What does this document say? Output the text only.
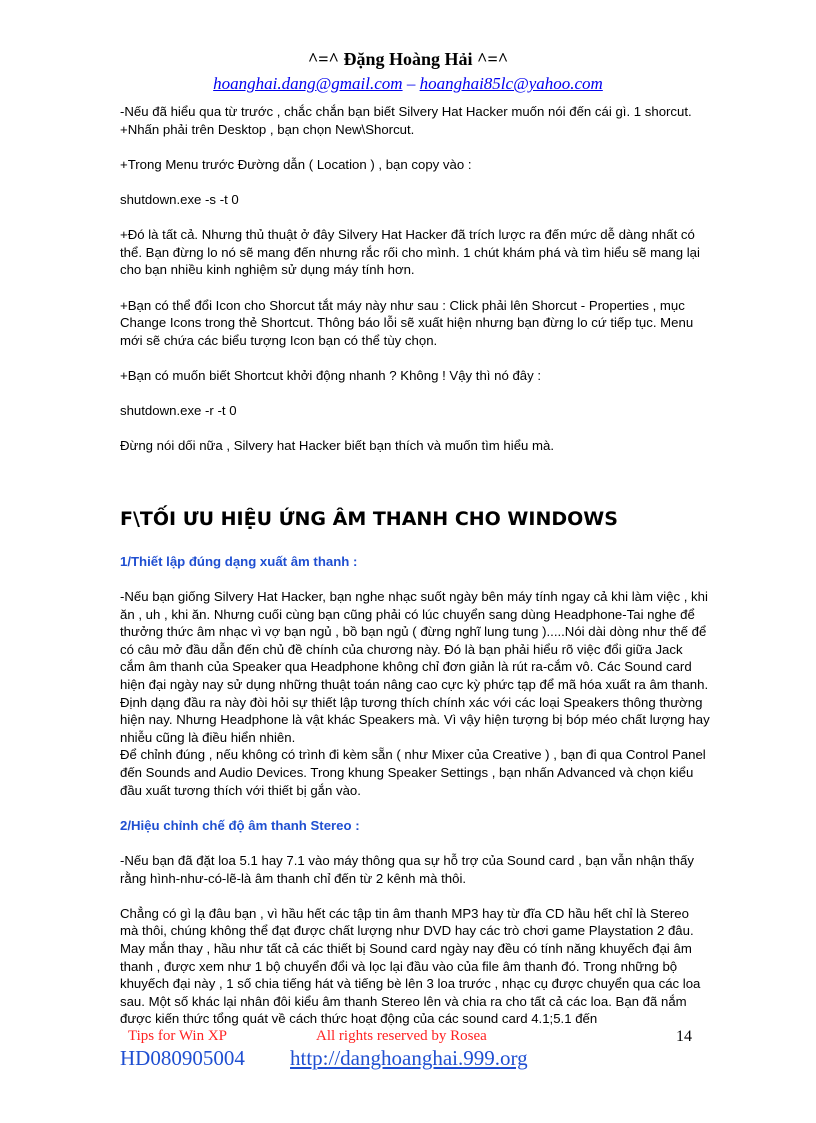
^=^ Đặng Hoàng Hải ^=^
hoanghai.dang@gmail.com – hoanghai85lc@yahoo.com

-Nếu đã hiểu qua từ trước , chắc chắn bạn biết Silvery Hat Hacker muốn nói đến cái gì. 1 shorcut.
+Nhấn phải trên Desktop , bạn chọn New\Shorcut.

+Trong Menu trước Đường dẫn ( Location ) , bạn copy vào :

shutdown.exe -s -t 0

+Đó là tất cả. Nhưng thủ thuật ở đây Silvery Hat Hacker đã trích lược ra đến mức dễ dàng nhất có thể. Bạn đừng lo nó sẽ mang đến nhưng rắc rối cho mình. 1 chút khám phá và tìm hiểu sẽ mang lại cho bạn nhiều kinh nghiệm sử dụng máy tính hơn.

+Bạn có thể đổi Icon cho Shorcut tắt máy này như sau : Click phải lên Shorcut - Properties , mục Change Icons trong thẻ Shortcut. Thông báo lỗi sẽ xuất hiện nhưng bạn đừng lo cứ tiếp tục. Menu mới sẽ chứa các biểu tượng Icon bạn có thể tùy chọn.

+Bạn có muốn biết Shortcut khởi động nhanh ? Không ! Vậy thì nó đây :

shutdown.exe -r -t 0

Đừng nói dối nữa , Silvery hat Hacker biết bạn thích và muốn tìm hiểu mà.

F\TỐI ƯU HIỆU ỨNG ÂM THANH CHO WINDOWS
1/Thiết lập đúng dạng xuất âm thanh :

-Nếu bạn giống Silvery Hat Hacker, bạn nghe nhạc suốt ngày bên máy tính ngay cả khi làm việc , khi ăn , uh , khi ăn. Nhưng cuối cùng bạn cũng phải có lúc chuyển sang dùng Headphone-Tai nghe để thưởng thức âm nhạc vì vợ bạn ngủ , bồ bạn ngủ ( đừng nghĩ lung tung ).....Nói dài dòng như thế để có câu mở đầu dẫn đến chủ đề chính của chương này. Đó là bạn phải hiểu rõ việc đổi giữa Jack cắm âm thanh của Speaker qua Headphone không chỉ đơn giản là rút ra-cắm vô. Các Sound card hiện đại ngày nay sử dụng những thuật toán nâng cao cực kỳ phức tạp để mã hóa xuất ra âm thanh. Định dạng đầu ra này đòi hỏi sự thiết lập tương thích chính xác với các loại Speakers thông thường hiện nay. Nhưng Headphone là vật khác Speakers mà. Vì vậy hiện tượng bị bóp méo chất lượng hay nhiễu cũng là điều hiển nhiên.
Để chỉnh đúng , nếu không có trình đi kèm sẵn ( như Mixer của Creative ) , bạn đi qua Control Panel đến Sounds and Audio Devices. Trong khung Speaker Settings , bạn nhấn Advanced và chọn kiểu đầu xuất tương thích với thiết bị gắn vào.

2/Hiệu chỉnh chế độ âm thanh Stereo :

-Nếu bạn đã đặt loa 5.1 hay 7.1 vào máy thông qua sự hỗ trợ của Sound card , bạn vẫn nhận thấy rằng hình-như-có-lẽ-là âm thanh chỉ đến từ 2 kênh mà thôi.

Chẳng có gì lạ đâu bạn , vì hầu hết các tập tin âm thanh MP3 hay từ đĩa CD hầu hết chỉ là Stereo mà thôi, chúng không thể đạt được chất lượng như DVD hay các trò chơi game Playstation 2 đâu. May mắn thay , hầu như tất cả các thiết bị Sound card ngày nay đều có tính năng khuyếch đại âm thanh , được xem như 1 bộ chuyển đổi và lọc lại đầu vào của file âm thanh đó. Trong những bộ khuyếch đại này , 1 số chia tiếng hát và tiếng bè lên 3 loa trước , nhạc cụ được chuyển qua các loa sau. Một số khác lại nhân đôi kiểu âm thanh Stereo lên và chia ra cho tất cả các loa. Bạn đã nắm được kiến thức tổng quát về cách thức hoạt động của các sound card 4.1;5.1 đến

Tips for Win XP	All rights reserved by Rosea	14
HD080905004 http://danghoanghai.999.org
